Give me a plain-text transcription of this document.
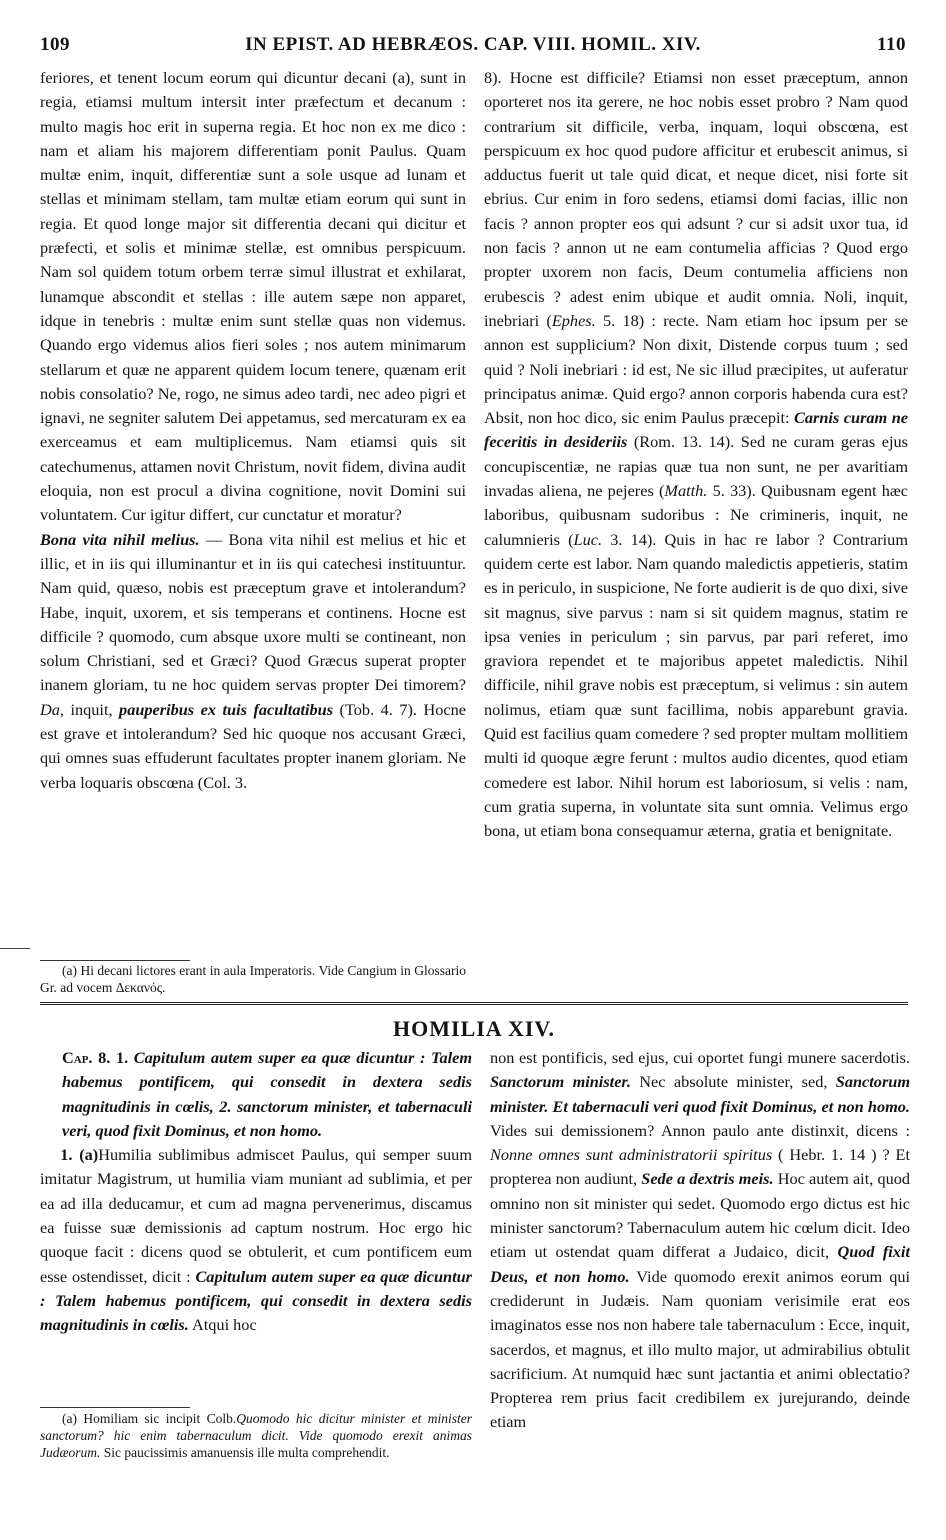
109	IN EPIST. AD HEBRÆOS. CAP. VIII. HOMIL. XIV.	110

feriores, et tenent locum eorum qui dicuntur decani (a), sunt in regia, etiamsi multum intersit inter præfectum et decanum : multo magis hoc erit in superna regia. Et hoc non ex me dico : nam et aliam his majorem differentiam ponit Paulus. Quam multæ enim, inquit, differentiæ sunt a sole usque ad lunam et stellas et minimam stellam, tam multæ etiam eorum qui sunt in regia. Et quod longe major sit differentia decani qui dicitur et præfecti, et solis et minimæ stellæ, est omnibus perspicuum. Nam sol quidem totum orbem terræ simul illustrat et exhilarat, lunamque abscondit et stellas : ille autem sæpe non apparet, idque in tenebris : multæ enim sunt stellæ quas non videmus. Quando ergo videmus alios fieri soles ; nos autem minimarum stellarum et quæ ne apparent quidem locum tenere, quænam erit nobis consolatio? Ne, rogo, ne simus adeo tardi, nec adeo pigri et ignavi, ne segniter salutem Dei appetamus, sed mercaturam ex ea exerceamus et eam multiplicemus. Nam etiamsi quis sit catechumenus, attamen novit Christum, novit fidem, divina audit eloquia, non est procul a divina cognitione, novit Domini sui voluntatem. Cur igitur differt, cur cunctatur et moratur?

Bona vita nihil melius. — Bona vita nihil est melius et hic et illic, et in iis qui illuminantur et in iis qui catechesi instituuntur. Nam quid, quæso, nobis est præceptum grave et intolerandum? Habe, inquit, uxorem, et sis temperans et continens. Hocne est difficile ? quomodo, cum absque uxore multi se contineant, non solum Christiani, sed et Græci? Quod Græcus superat propter inanem gloriam, tu ne hoc quidem servas propter Dei timorem? Da, inquit, pauperibus ex tuis facultatibus (Tob. 4. 7). Hocne est grave et intolerandum? Sed hic quoque nos accusant Græci, qui omnes suas effuderunt facultates propter inanem gloriam. Ne verba loquaris obscœna (Col. 3.

(a) Hi decani lictores erant in aula Imperatoris. Vide Cangium in Glossario Gr. ad vocem Δεκανός.

8). Hocne est difficile? Etiamsi non esset præceptum, annon oporteret nos ita gerere, ne hoc nobis esset probro ? Nam quod contrarium sit difficile, verba, inquam, loqui obscœna, est perspicuum ex hoc quod pudore afficitur et erubescit animus, si adductus fuerit ut tale quid dicat, et neque dicet, nisi forte sit ebrius. Cur enim in foro sedens, etiamsi domi facias, illic non facis ? annon propter eos qui adsunt ? cur si adsit uxor tua, id non facis ? annon ut ne eam contumelia afficias ? Quod ergo propter uxorem non facis, Deum contumelia afficiens non erubescis ? adest enim ubique et audit omnia. Noli, inquit, inebriari (Ephes. 5. 18) : recte. Nam etiam hoc ipsum per se annon est supplicium? Non dixit, Distende corpus tuum ; sed quid ? Noli inebriari : id est, Ne sic illud præcipites, ut auferatur principatus animæ. Quid ergo? annon corporis habenda cura est? Absit, non hoc dico, sic enim Paulus præcepit: Carnis curam ne feceritis in desideriis (Rom. 13. 14). Sed ne curam geras ejus concupiscentiæ, ne rapias quæ tua non sunt, ne per avaritiam invadas aliena, ne pejeres (Matth. 5. 33). Quibusnam egent hæc laboribus, quibusnam sudoribus : Ne crimineris, inquit, ne calumnieris (Luc. 3. 14). Quis in hac re labor ? Contrarium quidem certe est labor. Nam quando maledictis appetieris, statim es in periculo, in suspicione, Ne forte audierit is de quo dixi, sive sit magnus, sive parvus : nam si sit quidem magnus, statim re ipsa venies in periculum ; sin parvus, par pari referet, imo graviora rependet et te majoribus appetet maledictis. Nihil difficile, nihil grave nobis est præceptum, si velimus : sin autem nolimus, etiam quæ sunt facillima, nobis apparebunt gravia. Quid est facilius quam comedere ? sed propter multam mollitiem multi id quoque ægre ferunt : multos audio dicentes, quod etiam comedere est labor. Nihil horum est laboriosum, si velis : nam, cum gratia superna, in voluntate sita sunt omnia. Velimus ergo bona, ut etiam bona consequamur æterna, gratia et benignitate.

HOMILIA XIV.

Cap. 8. 1. Capitulum autem super ea quæ dicuntur : Talem habemus pontificem, qui consedit in dextera sedis magnitudinis in cœlis, 2. sanctorum minister, et tabernaculi veri, quod fixit Dominus, et non homo.

1. (a)Humilia sublimibus admiscet Paulus, qui semper suum imitatur Magistrum, ut humilia viam muniant ad sublimia, et per ea ad illa deducamur, et cum ad magna pervenerimus, discamus ea fuisse suæ demissionis ad captum nostrum. Hoc ergo hic quoque facit : dicens quod se obtulerit, et cum pontificem eum esse ostendisset, dicit : Capitulum autem super ea quæ dicuntur : Talem habemus pontificem, qui consedit in dextera sedis magnitudinis in cœlis. Atqui hoc

(a) Homiliam sic incipit Colb.Quomodo hic dicitur minister et minister sanctorum? hic enim tabernaculum dicit. Vide quomodo erexit animas Judæorum. Sic paucissimis amanuensis ille multa comprehendit.

non est pontificis, sed ejus, cui oportet fungi munere sacerdotis. Sanctorum minister. Nec absolute minister, sed, Sanctorum minister. Et tabernaculi veri quod fixit Dominus, et non homo. Vides sui demissionem? Annon paulo ante distinxit, dicens : Nonne omnes sunt administratorii spiritus ( Hebr. 1. 14 ) ? Et propterea non audiunt, Sede a dextris meis. Hoc autem ait, quod omnino non sit minister qui sedet. Quomodo ergo dictus est hic minister sanctorum? Tabernaculum autem hic cœlum dicit. Ideo etiam ut ostendat quam differat a Judaico, dicit, Quod fixit Deus, et non homo. Vide quomodo erexit animos eorum qui crediderunt in Judæis. Nam quoniam verisimile erat eos imaginatos esse nos non habere tale tabernaculum : Ecce, inquit, sacerdos, et magnus, et illo multo major, ut admirabilius obtulit sacrificium. At numquid hæc sunt jactantia et animi oblectatio? Propterea rem prius facit credibilem ex jurejurando, deinde etiam
